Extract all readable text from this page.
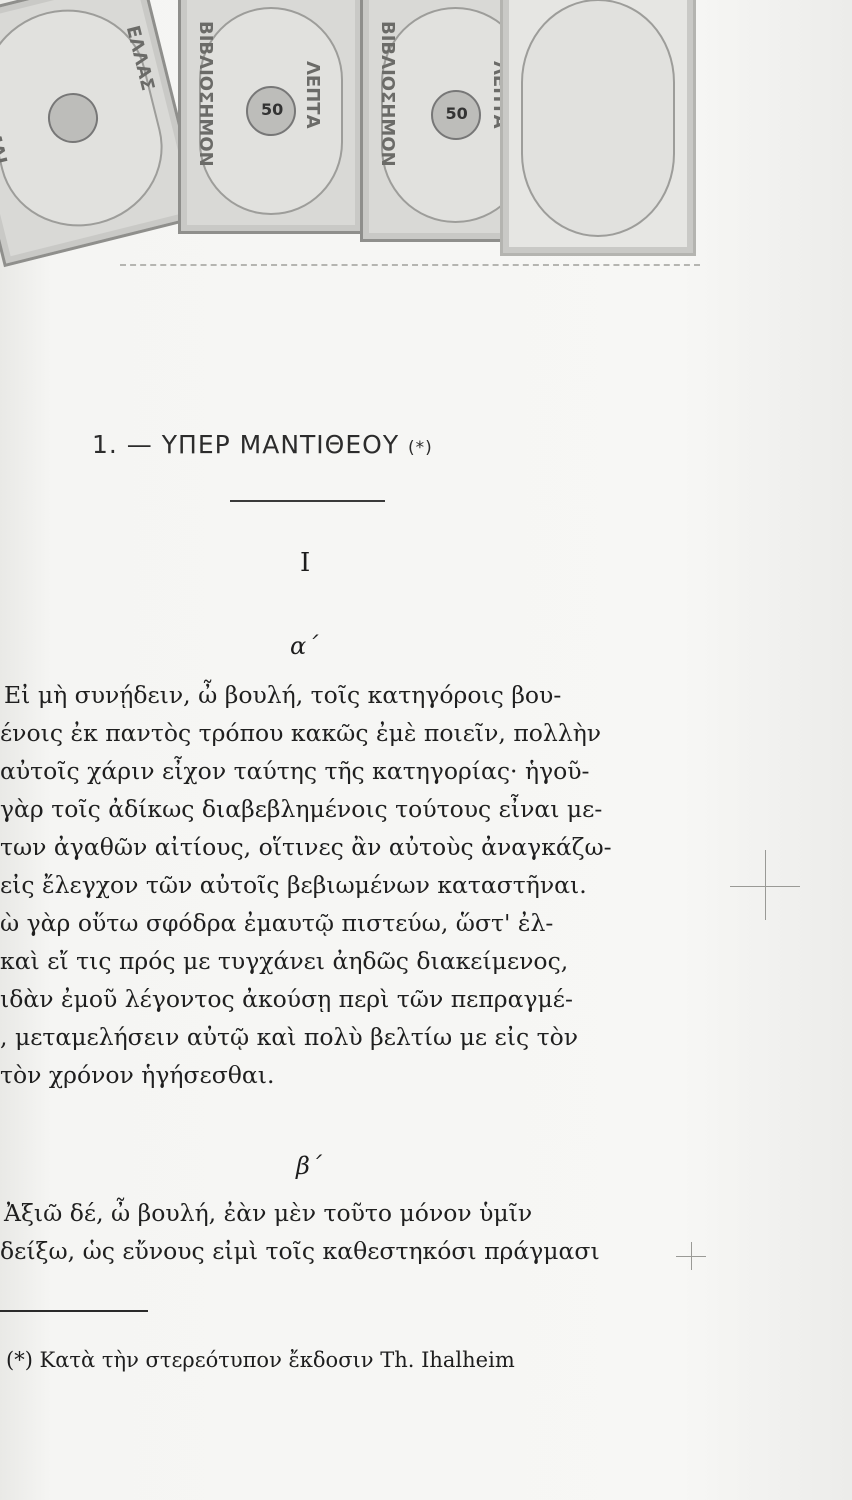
ΕΛΛΑΣ
50
ΒΙΒΛΙΟΣΗΜΟΝ	ΛΕΠΤΑ	50
ΒΙΒΛΙΟΣΗΜΟΝ
1. — ΥΠΕΡ ΜΑΝΤΙΘΕΟΥ (*)
I
α΄
Εἰ μὴ συνῄδειν, ὦ βουλή, τοῖς κατηγόροις βου-
ένοις ἐκ παντὸς τρόπου κακῶς ἐμὲ ποιεῖν, πολλὴν
αὐτοῖς χάριν εἶχον ταύτης τῆς κατηγορίας· ἡγοῦ-
γὰρ τοῖς ἀδίκως διαβεβλημένοις τούτους εἶναι με-
των ἀγαθῶν αἰτίους, οἵτινες ἂν αὐτοὺς ἀναγκάζω-
εἰς ἔλεγχον τῶν αὐτοῖς βεβιωμένων καταστῆναι.
ὼ γὰρ οὕτω σφόδρα ἐμαυτῷ πιστεύω, ὥστ' ἐλ-
καὶ εἴ τις πρός με τυγχάνει ἀηδῶς διακείμενος,
ιδὰν ἐμοῦ λέγοντος ἀκούσῃ περὶ τῶν πεπραγμέ-
, μεταμελήσειν αὐτῷ καὶ πολὺ βελτίω με εἰς τὸν
τὸν χρόνον ἡγήσεσθαι.
β΄
Ἀξιῶ δέ, ὦ βουλή, ἐὰν μὲν τοῦτο μόνον ὑμῖν
δείξω, ὡς εὔνους εἰμὶ τοῖς καθεστηκόσι πράγμασι
(*) Κατὰ τὴν στερεότυπον ἔκδοσιν Th. Ihalheim
